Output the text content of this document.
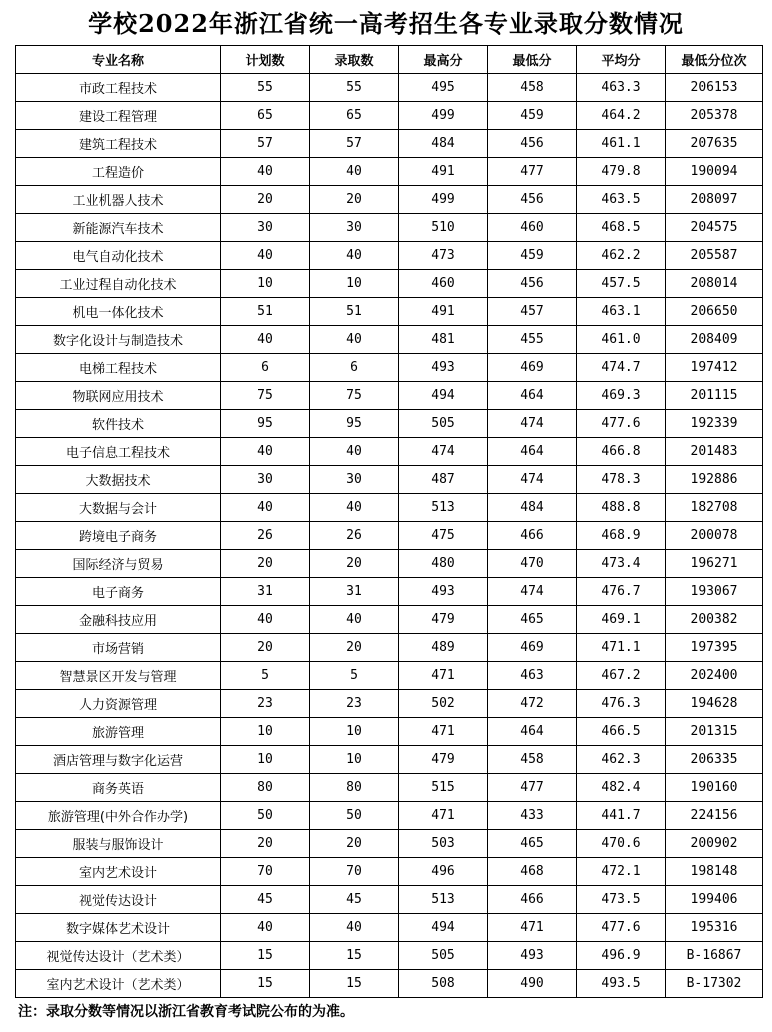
学校2022年浙江省统一高考招生各专业录取分数情况
专业名称	计划数	录取数	最高分	最低分	平均分	最低分位次
市政工程技术	55	55	495	458	463.3	206153
建设工程管理	65	65	499	459	464.2	205378
建筑工程技术	57	57	484	456	461.1	207635
工程造价	40	40	491	477	479.8	190094
工业机器人技术	20	20	499	456	463.5	208097
新能源汽车技术	30	30	510	460	468.5	204575
电气自动化技术	40	40	473	459	462.2	205587
工业过程自动化技术	10	10	460	456	457.5	208014
机电一体化技术	51	51	491	457	463.1	206650
数字化设计与制造技术	40	40	481	455	461.0	208409
电梯工程技术	6	6	493	469	474.7	197412
物联网应用技术	75	75	494	464	469.3	201115
软件技术	95	95	505	474	477.6	192339
电子信息工程技术	40	40	474	464	466.8	201483
大数据技术	30	30	487	474	478.3	192886
大数据与会计	40	40	513	484	488.8	182708
跨境电子商务	26	26	475	466	468.9	200078
国际经济与贸易	20	20	480	470	473.4	196271
电子商务	31	31	493	474	476.7	193067
金融科技应用	40	40	479	465	469.1	200382
市场营销	20	20	489	469	471.1	197395
智慧景区开发与管理	5	5	471	463	467.2	202400
人力资源管理	23	23	502	472	476.3	194628
旅游管理	10	10	471	464	466.5	201315
酒店管理与数字化运营	10	10	479	458	462.3	206335
商务英语	80	80	515	477	482.4	190160
旅游管理(中外合作办学)	50	50	471	433	441.7	224156
服装与服饰设计	20	20	503	465	470.6	200902
室内艺术设计	70	70	496	468	472.1	198148
视觉传达设计	45	45	513	466	473.5	199406
数字媒体艺术设计	40	40	494	471	477.6	195316
视觉传达设计（艺术类）	15	15	505	493	496.9	B-16867
室内艺术设计（艺术类）	15	15	508	490	493.5	B-17302
注：录取分数等情况以浙江省教育考试院公布的为准。
